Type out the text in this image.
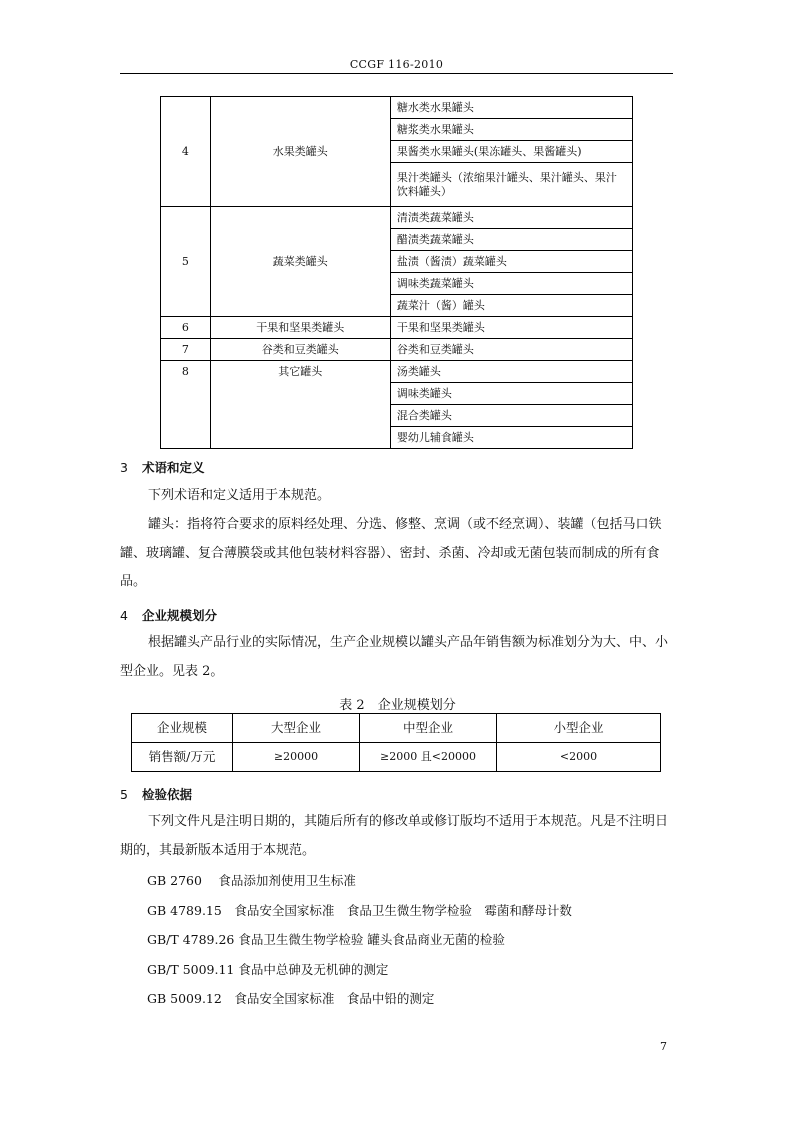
CCGF 116-2010
4	水果类罐头	糖水类水果罐头
		糖浆类水果罐头
		果酱类水果罐头(果冻罐头、果酱罐头)
		果汁类罐头（浓缩果汁罐头、果汁罐头、果汁饮料罐头）
5	蔬菜类罐头	清渍类蔬菜罐头
		醋渍类蔬菜罐头
		盐渍（酱渍）蔬菜罐头
		调味类蔬菜罐头
		蔬菜汁（酱）罐头
6	干果和坚果类罐头	干果和坚果类罐头
7	谷类和豆类罐头	谷类和豆类罐头
8	其它罐头	汤类罐头
		调味类罐头
		混合类罐头
		婴幼儿辅食罐头
3 术语和定义
下列术语和定义适用于本规范。
罐头：指将符合要求的原料经处理、分选、修整、烹调（或不经烹调）、装罐（包括马口铁罐、玻璃罐、复合薄膜袋或其他包装材料容器）、密封、杀菌、冷却或无菌包装而制成的所有食品。
4 企业规模划分
根据罐头产品行业的实际情况，生产企业规模以罐头产品年销售额为标准划分为大、中、小型企业。见表 2。
表 2　企业规模划分
企业规模	大型企业	中型企业	小型企业
销售额/万元	≥20000	≥2000 且<20000	<2000
5 检验依据
下列文件凡是注明日期的，其随后所有的修改单或修订版均不适用于本规范。凡是不注明日期的，其最新版本适用于本规范。
GB 2760　 食品添加剂使用卫生标准
GB 4789.15　食品安全国家标准　食品卫生微生物学检验　霉菌和酵母计数
GB/T 4789.26 食品卫生微生物学检验 罐头食品商业无菌的检验
GB/T 5009.11 食品中总砷及无机砷的测定
GB 5009.12　食品安全国家标准　食品中铅的测定
7
